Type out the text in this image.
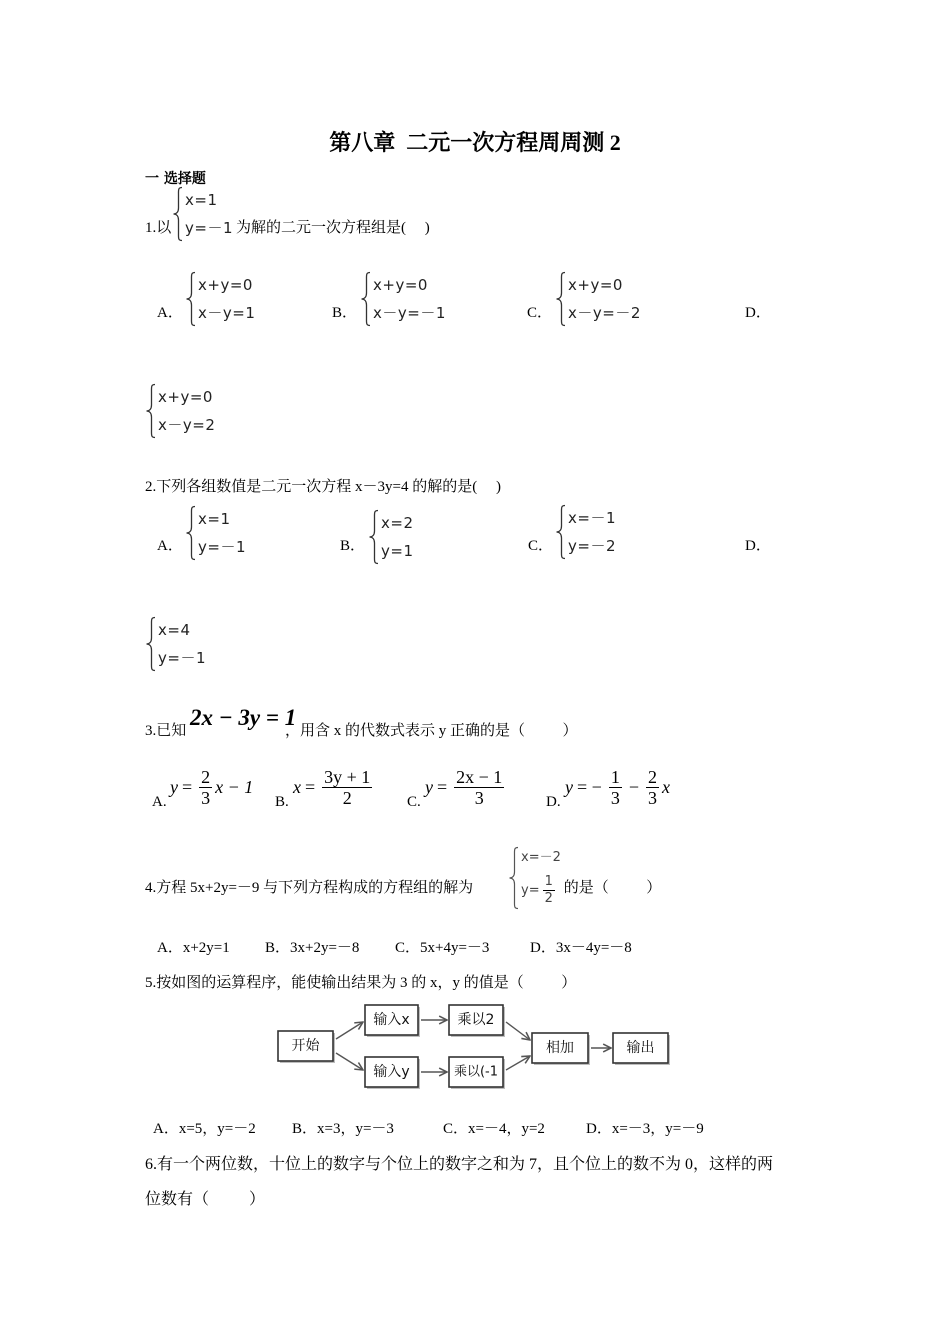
第八章  二元一次方程周周测 2
一 选择题
1.以
x=1
y=－1 为解的二元一次方程组是(     )
A．
x+y=0
x－y=1	B．
x+y=0
x－y=－1	C．
x+y=0
x－y=－2	D．
x+y=0
x－y=2
2.下列各组数值是二元一次方程 x－3y=4 的解的是(     )
A．
x=1
y=－1	B．
x=2
y=1	C．
x=－1
y=－2	D．
x=4
y=－1
3.已知
2x − 3y = 1
，用含 x 的代数式表示 y 正确的是（          ）
A.
$y = \frac{2}{3}$ x − 1
B.
$x = \frac{3y + 1}{2} C$.
$y = \frac{2x - 1}{3}$	D.
y = − $\frac{1}{3} - \frac{2}{3}$ x
4.方程 5x+2y=－9 与下列方程构成的方程组的解为
x=－2
$y= \frac{1}{2}$ 的是（          ）
A．x+2y=1 B．3x+2y=－8 C．5x+4y=－3	D．3x－4y=－8
5.按如图的运算程序，能使输出结果为 3 的 x，y 的值是（          ）
开始
输入x	乘以2
输入y	乘以(-1
相加	输出
A．x=5，y=－2 B．x=3，y=－3	C．x=－4，y=2	D．x=－3，y=－9
6.有一个两位数，十位上的数字与个位上的数字之和为 7，且个位上的数不为 0，这样的两
位数有（          ）
